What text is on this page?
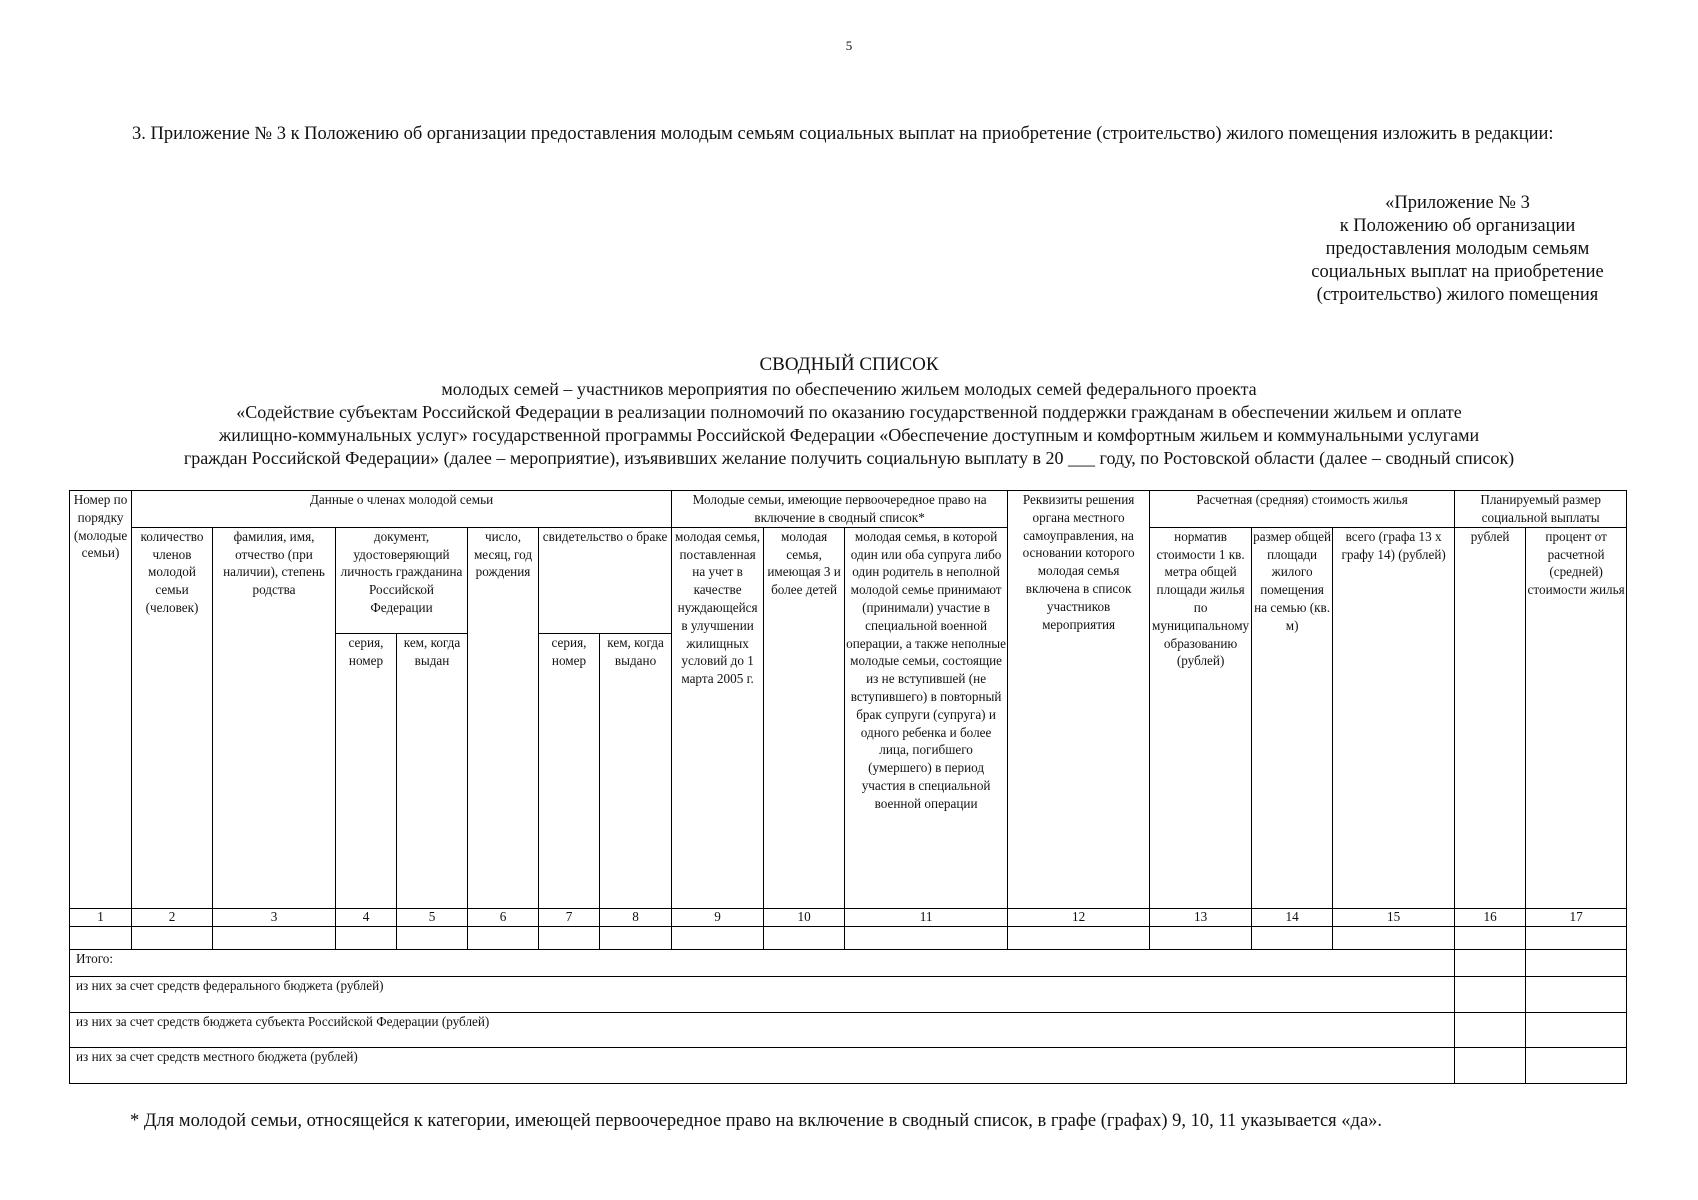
5
3. Приложение № 3 к Положению об организации предоставления молодым семьям социальных выплат на приобретение (строительство) жилого помещения изложить в редакции:
«Приложение № 3
к Положению об организации
предоставления молодым семьям
социальных выплат на приобретение
(строительство) жилого помещения
СВОДНЫЙ СПИСОК
молодых семей – участников мероприятия по обеспечению жильем молодых семей федерального проекта
«Содействие субъектам Российской Федерации в реализации полномочий по оказанию государственной поддержки гражданам в обеспечении жильем и оплате
жилищно-коммунальных услуг» государственной программы Российской Федерации «Обеспечение доступным и комфортным жильем и коммунальными услугами
граждан Российской Федерации» (далее – мероприятие), изъявивших желание получить социальную выплату в 20 ___ году, по Ростовской области (далее – сводный список)
Номер по порядку (молодые семьи)	Данные о членах молодой семьи							Молодые семьи, имеющие первоочередное право на включение в сводный список*			Реквизиты решения органа местного самоуправления, на основании которого молодая семья включена в список участников мероприятия	Расчетная (средняя) стоимость жилья			Планируемый размер социальной выплаты	
	количество членов молодой семьи (человек)	фамилия, имя, отчество (при наличии), степень родства	документ, удостоверяющий личность гражданина Российской Федерации		число, месяц, год рождения	свидетельство о браке		молодая семья, поставленная на учет в качестве нуждающейся в улучшении жилищных условий до 1 марта 2005 г.	молодая семья, имеющая 3 и более детей	молодая семья, в которой один или оба супруга либо один родитель в неполной молодой семье принимают (принимали) участие в специальной военной операции, а также неполные молодые семьи, состоящие из не вступившей (не вступившего) в повторный брак супруги (супруга) и одного ребенка и более лица, погибшего (умершего) в период участия в специальной военной операции		норматив стоимости 1 кв. метра общей площади жилья по муниципальному образованию (рублей)	размер общей площади жилого помещения на семью (кв. м)	всего (графа 13 х графу 14) (рублей)	рублей	процент от расчетной (средней) стоимости жилья
			серия, номер	кем, когда выдан		серия, номер	кем, когда выдано									
1	2	3	4	5	6	7	8	9	10	11	12	13	14	15	16	17

Итого:																
из них за счет средств федерального бюджета (рублей)																
из них за счет средств бюджета субъекта Российской Федерации (рублей)																
из них за счет средств местного бюджета (рублей)																
* Для молодой семьи, относящейся к категории, имеющей первоочередное право на включение в сводный список, в графе (графах) 9, 10, 11 указывается «да».
